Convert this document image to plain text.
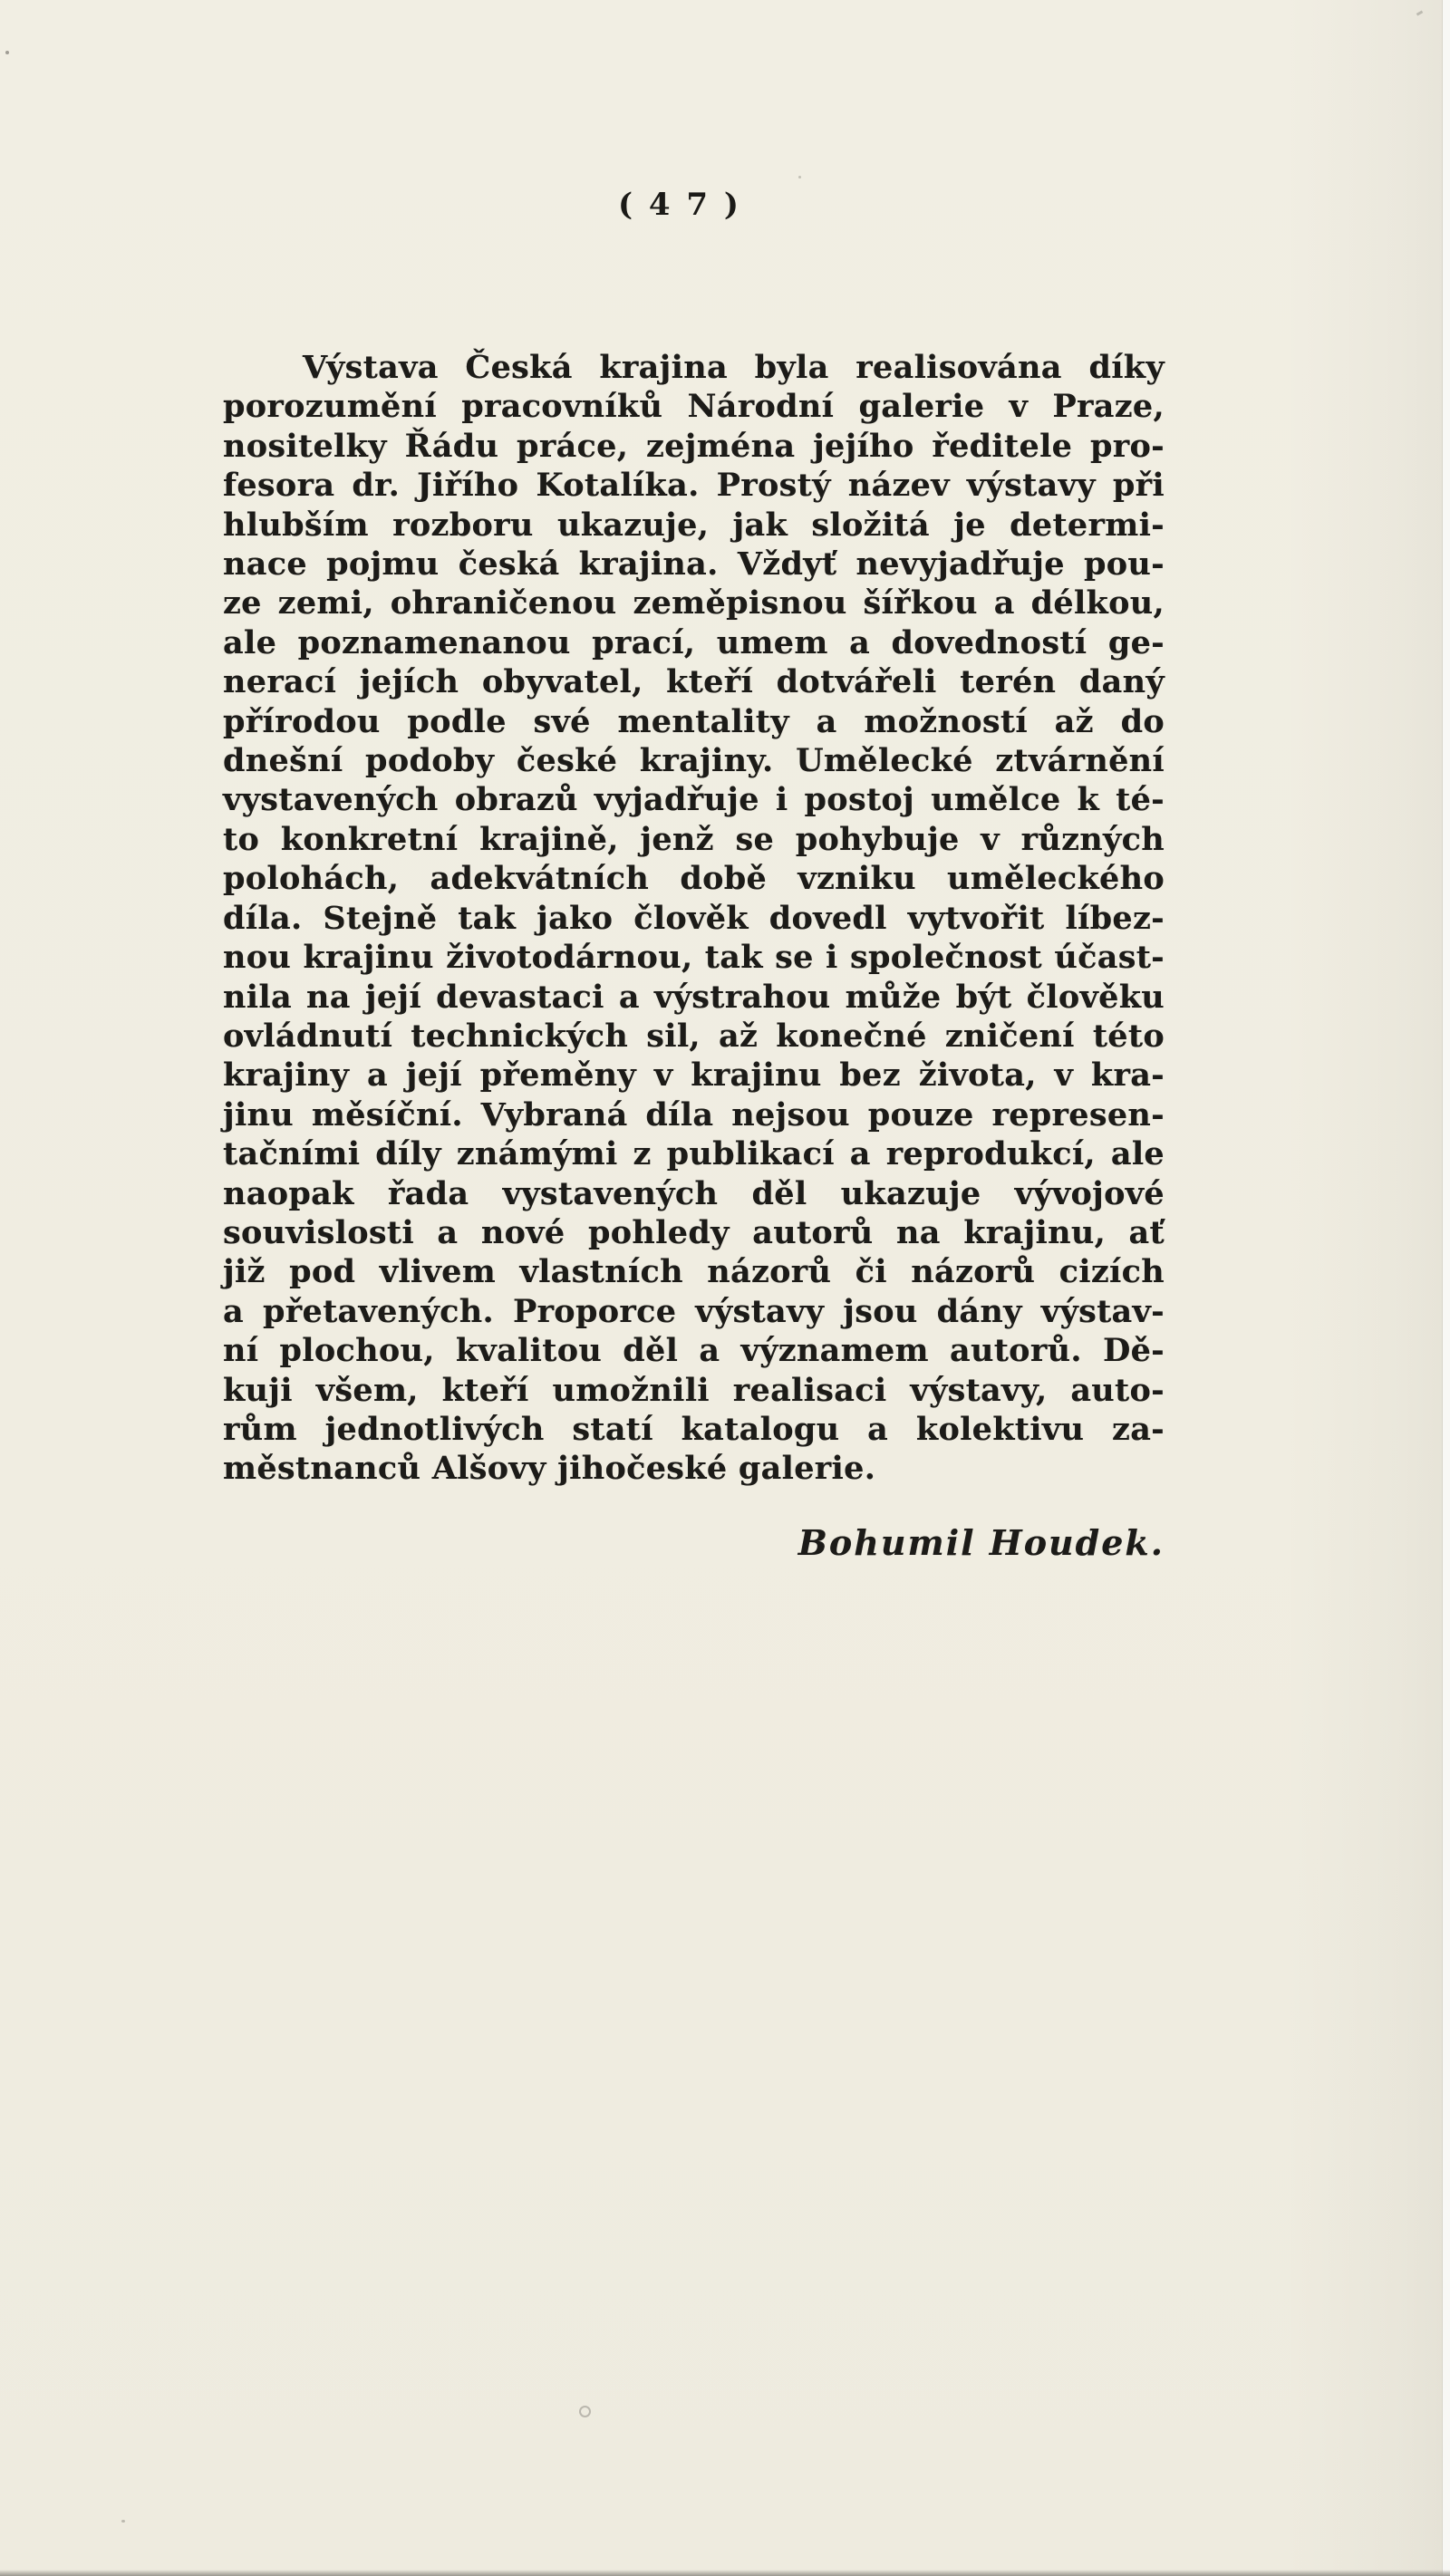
( 4 7 )
Výstava Česká krajina byla realisována díky
porozumění pracovníků Národní galerie v Praze,
nositelky Řádu práce, zejména jejího ředitele pro-
fesora dr. Jiřího Kotalíka. Prostý název výstavy při
hlubším rozboru ukazuje, jak složitá je determi-
nace pojmu česká krajina. Vždyť nevyjadřuje pou-
ze zemi, ohraničenou zeměpisnou šířkou a délkou,
ale poznamenanou prací, umem a dovedností ge-
nerací jejích obyvatel, kteří dotvářeli terén daný
přírodou podle své mentality a možností až do
dnešní podoby české krajiny. Umělecké ztvárnění
vystavených obrazů vyjadřuje i postoj umělce k té-
to konkretní krajině, jenž se pohybuje v různých
polohách, adekvátních době vzniku uměleckého
díla. Stejně tak jako člověk dovedl vytvořit líbez-
nou krajinu životodárnou, tak se i společnost účast-
nila na její devastaci a výstrahou může být člověku
ovládnutí technických sil, až konečné zničení této
krajiny a její přeměny v krajinu bez života, v kra-
jinu měsíční. Vybraná díla nejsou pouze represen-
tačními díly známými z publikací a reprodukcí, ale
naopak řada vystavených děl ukazuje vývojové
souvislosti a nové pohledy autorů na krajinu, ať
již pod vlivem vlastních názorů či názorů cizích
a přetavených. Proporce výstavy jsou dány výstav-
ní plochou, kvalitou děl a významem autorů. Dě-
kuji všem, kteří umožnili realisaci výstavy, auto-
rům jednotlivých statí katalogu a kolektivu za-
městnanců Alšovy jihočeské galerie.
Bohumil Houdek.
